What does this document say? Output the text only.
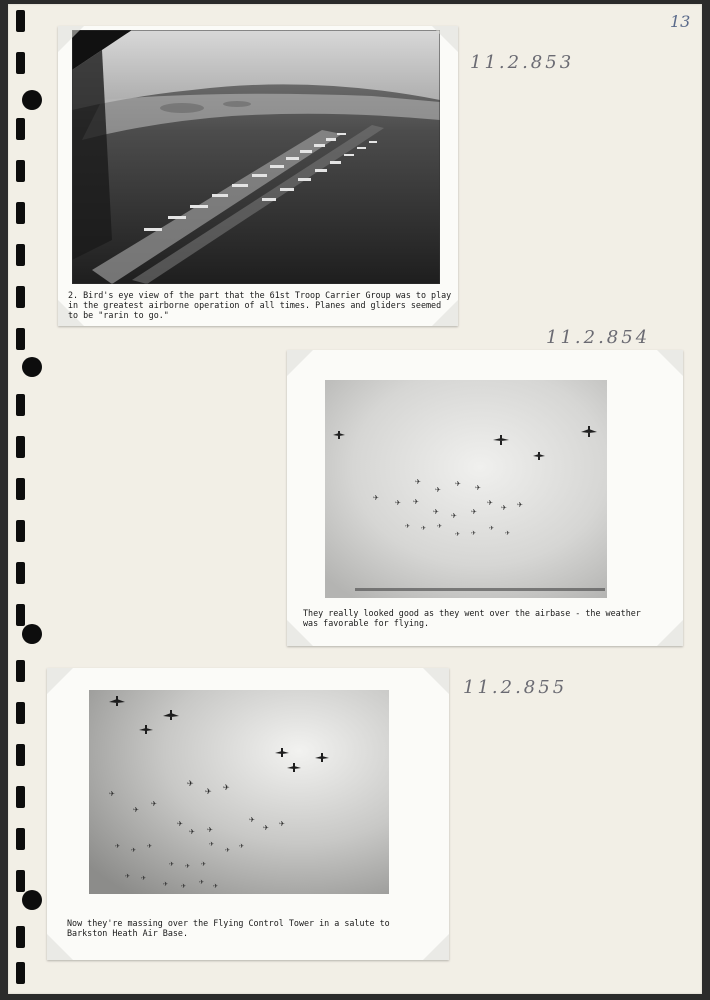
13
11.2.853
11.2.854
11.2.855
2. Bird's eye view of the part that the 61st Troop Carrier Group was to play
in the greatest airborne operation of all times. Planes and gliders seemed
to be "rarin to go."
✈
✈
✈ ✈
✈
✈ ✈
✈ ✈ ✈
✈
✈ ✈
✈ ✈ ✈
✈ ✈
✈
✈
They really looked good as they went over the airbase - the weather
was favorable for flying.
✈
✈ ✈
✈
✈
✈
✈
✈ ✈
✈
✈ ✈
✈
✈
✈	✈
✈
✈
✈ ✈ ✈
✈ ✈
✈ ✈
✈
✈
Now they're massing over the Flying Control Tower in a salute to
Barkston Heath Air Base.
